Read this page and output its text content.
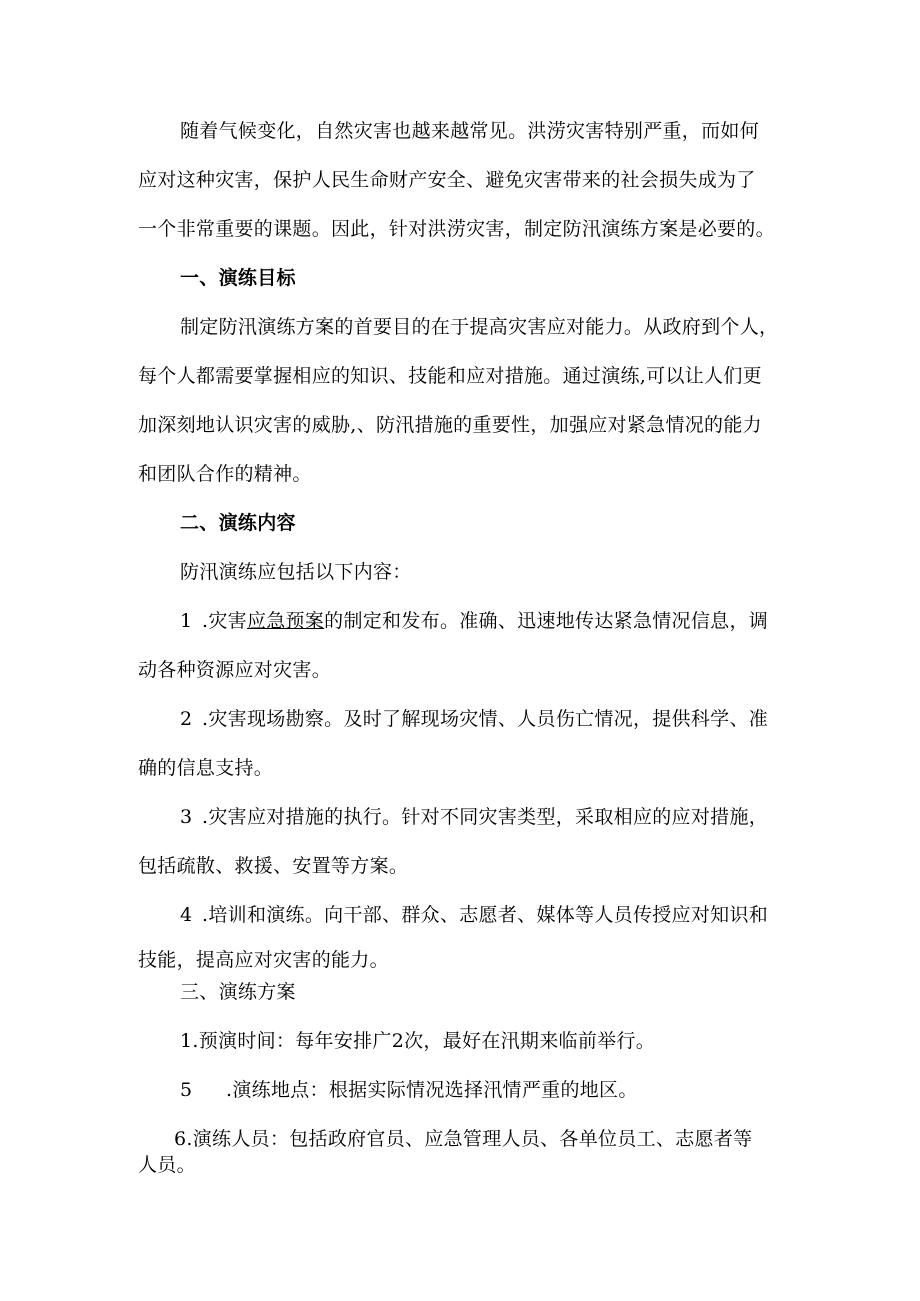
随着气候变化，自然灾害也越来越常见。洪涝灾害特别严重，而如何
应对这种灾害，保护人民生命财产安全、避免灾害带来的社会损失成为了
一个非常重要的课题。因此，针对洪涝灾害，制定防汛演练方案是必要的。
一、演练目标
制定防汛演练方案的首要目的在于提高灾害应对能力。从政府到个人，
每个人都需要掌握相应的知识、技能和应对措施。通过演练,可以让人们更
加深刻地认识灾害的威胁,、防汛措施的重要性，加强应对紧急情况的能力
和团队合作的精神。
二、演练内容
防汛演练应包括以下内容：
1 .灾害应急预案的制定和发布。准确、迅速地传达紧急情况信息，调
动各种资源应对灾害。
2 .灾害现场勘察。及时了解现场灾情、人员伤亡情况，提供科学、准
确的信息支持。
3 .灾害应对措施的执行。针对不同灾害类型，采取相应的应对措施，
包括疏散、救援、安置等方案。
4 .培训和演练。向干部、群众、志愿者、媒体等人员传授应对知识和
技能，提高应对灾害的能力。
三、演练方案
1.预演时间：每年安排广2次，最好在汛期来临前举行。
5 .演练地点：根据实际情况选择汛情严重的地区。
6.演练人员：包括政府官员、应急管理人员、各单位员工、志愿者等
人员。
